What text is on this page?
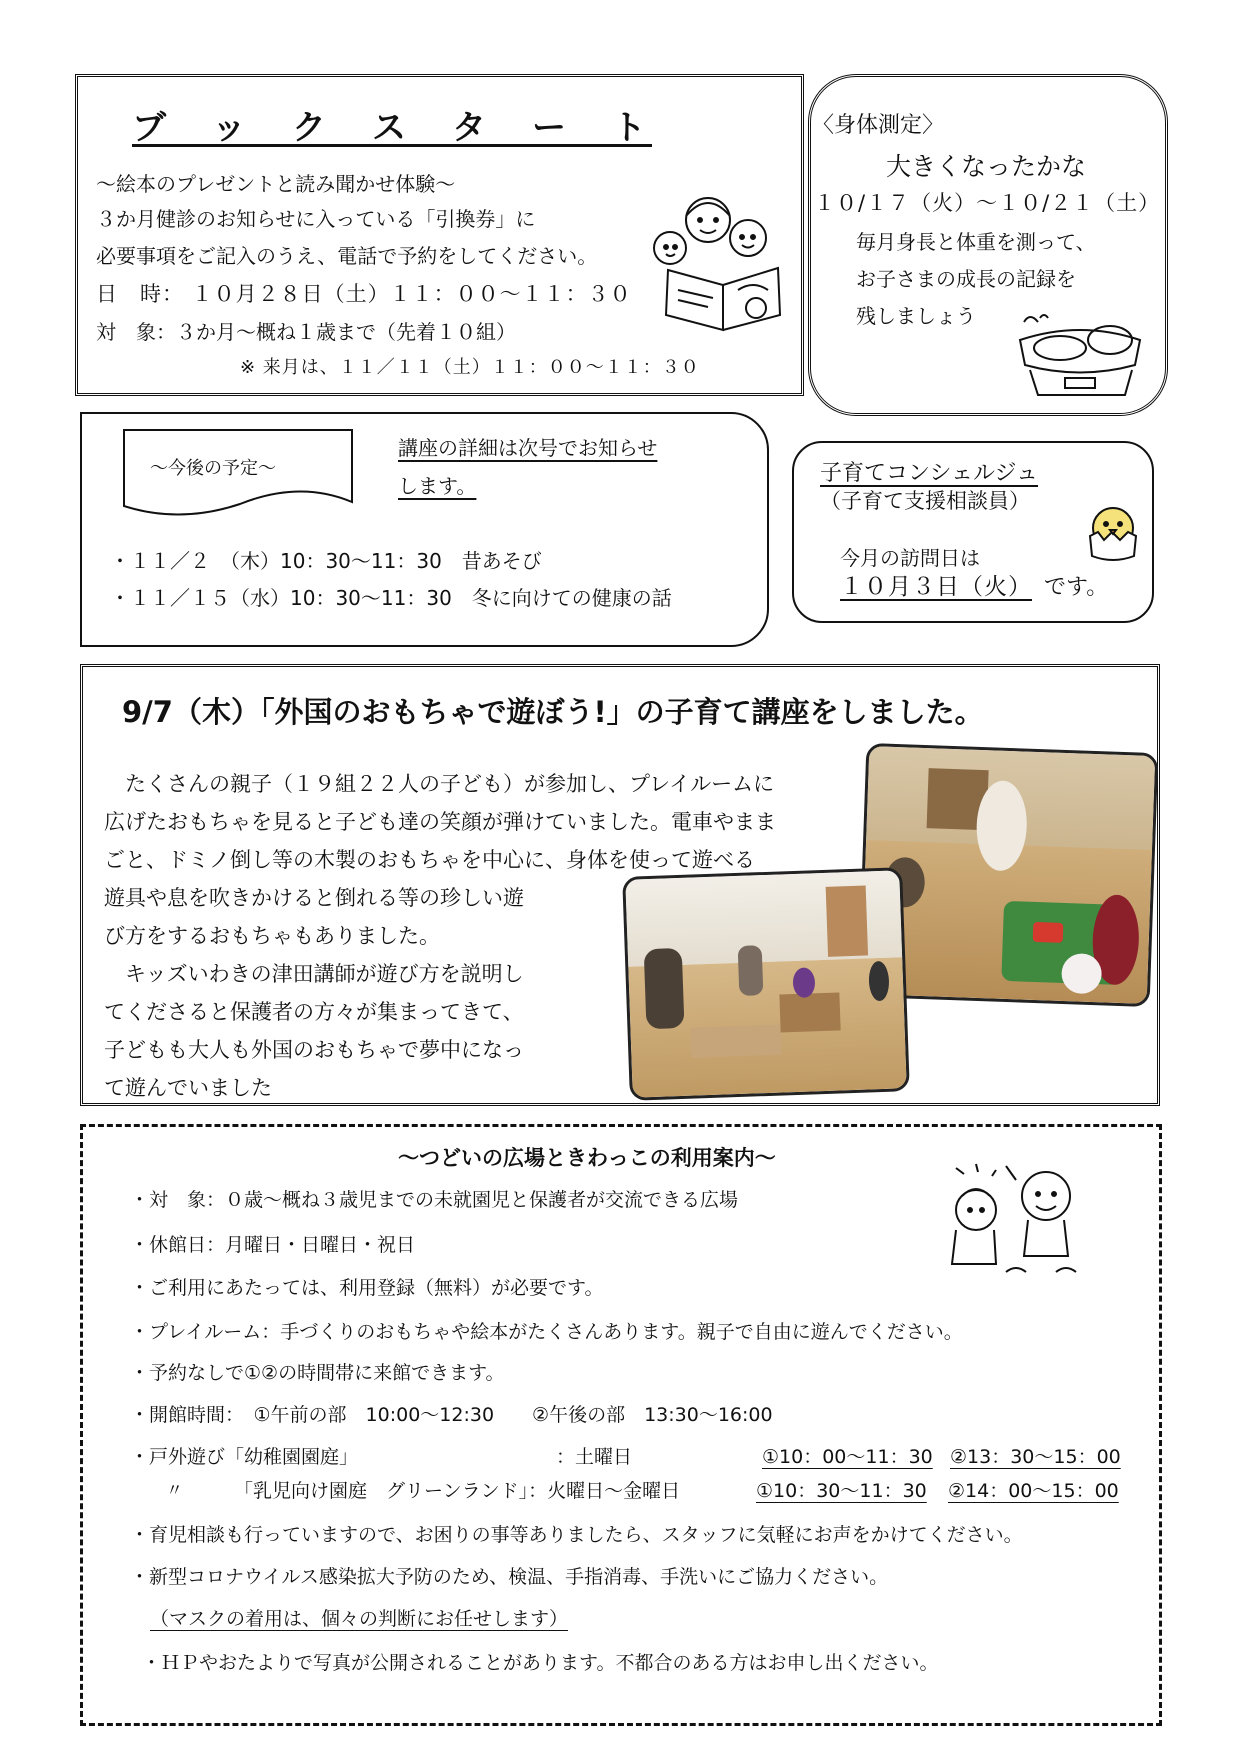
ブ　ッ　ク　ス　タ　ー　ト
～絵本のプレゼントと読み聞かせ体験～
３か月健診のお知らせに入っている「引換券」に
必要事項をご記入のうえ、電話で予約をしてください。
日　時： １０月２８日（土）１１：００～１１：３０
対　象：３か月～概ね１歳まで（先着１０組）
※ 来月は、１１／１１（土）１１：００～１１：３０
〈身体測定〉
大きくなったかな
１０/１７（火）～１０/２１（土）
毎月身長と体重を測って、
お子さまの成長の記録を
残しましょう
～今後の予定～
講座の詳細は次号でお知らせ
します。
・１１／２　（木）10：30～11：30　昔あそび
・１１／１５（水）10：30～11：30　冬に向けての健康の話
子育てコンシェルジュ
（子育て支援相談員）
今月の訪問日は
１０月３日（火） です。
9/7（木）「外国のおもちゃで遊ぼう!」の子育て講座をしました。
　たくさんの親子（１９組２２人の子ども）が参加し、プレイルームに
広げたおもちゃを見ると子ども達の笑顔が弾けていました。電車やまま
ごと、ドミノ倒し等の木製のおもちゃを中心に、身体を使って遊べる
遊具や息を吹きかけると倒れる等の珍しい遊
び方をするおもちゃもありました。
　キッズいわきの津田講師が遊び方を説明し
てくださると保護者の方々が集まってきて、
子どもも大人も外国のおもちゃで夢中になっ
て遊んでいました
～つどいの広場ときわっこの利用案内～
・対　象：０歳～概ね３歳児までの未就園児と保護者が交流できる広場
・休館日：月曜日・日曜日・祝日
・ご利用にあたっては、利用登録（無料）が必要です。
・プレイルーム：手づくりのおもちゃや絵本がたくさんあります。親子で自由に遊んでください。
・予約なしで①②の時間帯に来館できます。
・開館時間：　①午前の部　10:00～12:30　　②午後の部　13:30～16:00
・戸外遊び「幼稚園園庭」	：土曜日	①10：00～11：30 ②13：30～15：00
〃	「乳児向け園庭　グリーンランド」：火曜日～金曜日	①10：30～11：30 ②14：00～15：00
・育児相談も行っていますので、お困りの事等ありましたら、スタッフに気軽にお声をかけてください。
・新型コロナウイルス感染拡大予防のため、検温、手指消毒、手洗いにご協力ください。
（マスクの着用は、個々の判断にお任せします）
・ＨＰやおたよりで写真が公開されることがあります。不都合のある方はお申し出ください。
